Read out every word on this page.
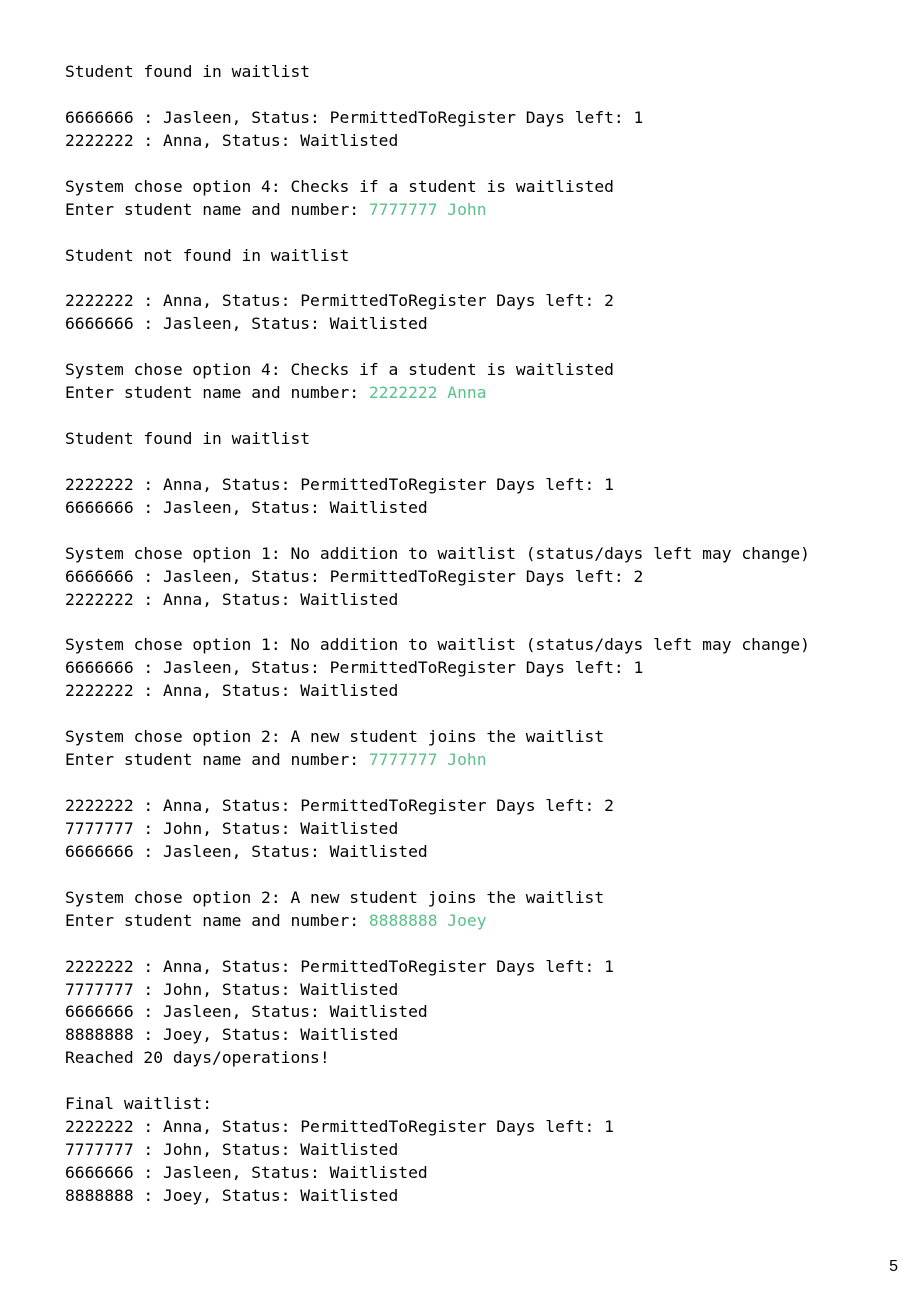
Student found in waitlist
6666666 : Jasleen, Status: PermittedToRegister Days left: 1
2222222 : Anna, Status: Waitlisted
System chose option 4: Checks if a student is waitlisted
Enter student name and number: 7777777 John
Student not found in waitlist
2222222 : Anna, Status: PermittedToRegister Days left: 2
6666666 : Jasleen, Status: Waitlisted
System chose option 4: Checks if a student is waitlisted
Enter student name and number: 2222222 Anna
Student found in waitlist
2222222 : Anna, Status: PermittedToRegister Days left: 1
6666666 : Jasleen, Status: Waitlisted
System chose option 1: No addition to waitlist (status/days left may change)
6666666 : Jasleen, Status: PermittedToRegister Days left: 2
2222222 : Anna, Status: Waitlisted
System chose option 1: No addition to waitlist (status/days left may change)
6666666 : Jasleen, Status: PermittedToRegister Days left: 1
2222222 : Anna, Status: Waitlisted
System chose option 2: A new student joins the waitlist
Enter student name and number: 7777777 John
2222222 : Anna, Status: PermittedToRegister Days left: 2
7777777 : John, Status: Waitlisted
6666666 : Jasleen, Status: Waitlisted
System chose option 2: A new student joins the waitlist
Enter student name and number: 8888888 Joey
2222222 : Anna, Status: PermittedToRegister Days left: 1
7777777 : John, Status: Waitlisted
6666666 : Jasleen, Status: Waitlisted
8888888 : Joey, Status: Waitlisted
Reached 20 days/operations!
Final waitlist:
2222222 : Anna, Status: PermittedToRegister Days left: 1
7777777 : John, Status: Waitlisted
6666666 : Jasleen, Status: Waitlisted
8888888 : Joey, Status: Waitlisted
5
